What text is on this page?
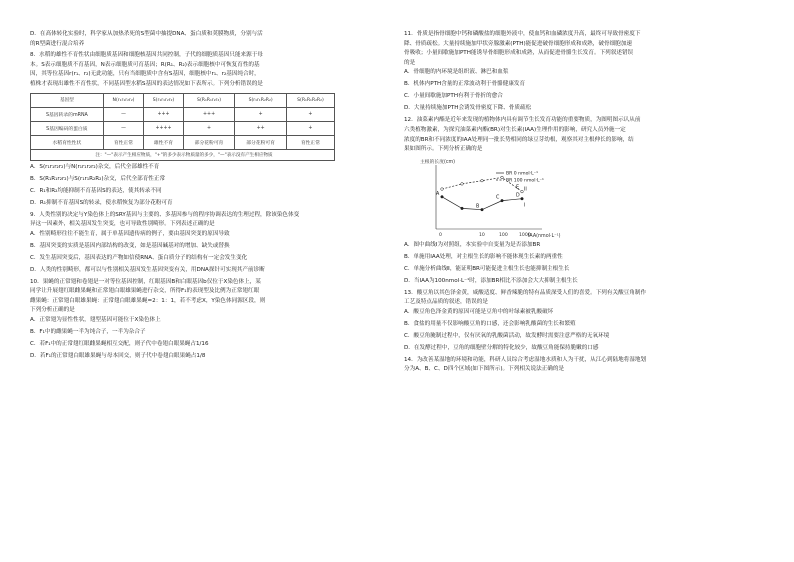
D．在高体转化实验时，科学家从加热杀死的S型菌中抽提DNA、蛋白质和荚膜物质，分别与活

的R型菌进行混合培养

8．水稻的雄性不育性状由细胞质基因和细胞核基因共同控制，子代的细胞质基因只能来源于母

本。S表示细胞质不育基因，N表示细胞质可育基因；R(R₁、R₂)表示细胞核中可恢复育性的基

因，其等位基因r(r₁、r₂)无此功能，只有当细胞质中含有S基因，细胞核中r₁、r₂基因纯合时，

植株才表现出雄性不育性状，不同基因型水稻S基因的表达情况如下表所示。下列分析错误的是

基因型	N(r₁r₁r₂r₂)	S(r₁r₁r₂r₂)	S(R₁R₁r₂r₂)	S(r₁r₁R₂R₂)	S(R₁R₁R₂R₂)
S基因转录的mRNA	—	+++	+++	+	+
S基因编码的蛋白质	—	++++	+	++	+
水稻育性性状	育性正常	雄性不育	部分花粉可育	部分花粉可育	育性正常
注："—"表示产生相应物质，"+"的多少表示物质量的多少，"—"表示没有产生相应物质					

A．S(r₁r₁r₂r₂)与N(r₁r₁r₂r₂)杂交，后代全部雄性不育

B．S(R₁R₁r₂r₂)与S(r₁r₁R₂R₂)杂交，后代全部育性正常

C．R₁和R₂均能抑制不育基因S的表达，使其转录不同

D．R₁抑制不育基因S的转录，使水稻恢复为部分花粉可育

9．人类性别的决定与Y染色体上的SRY基因与主要的、多基因参与的程序协调表达的生理过程，除该染色体变

异这一因素外，相关基因发生突变，也可导致性别畸形。下列表述正确的是

A．性别畸形往往不能生育，属于单基因遗传病的例子，要由基因突变的原因导致

B．基因突变的实质是基因内部结构的改变，如是基因碱基对的增加、缺失或替换

C．发生基因突变后，基因表达的产物如信使RNA、蛋白质分子的结构有一定会发生变化

D．人类的性别畸形，都可以与性别相关基因发生基因突变有关，用DNA探针可实现其产前诊断

10．果蝇的正常翅和卷翅是一对等位基因控制，红眼基因B和白眼基因b仅位于X染色体上，某

同学让升展翅红眼雌果蝇和正常翅白眼雄果蝇进行杂交，所得F₁的表现型及比例为正常翅红眼

雌果蝇：正常翅白眼雄果蝇：正常翅白眼雄果蝇=2：1：1，若不考虑X，Y染色体同源区段，则

下列分析正确的是

A．正常翅为显性性状，翅型基因可能位于X染色体上

B．F₁中的雌果蝇一半为纯合子，一半为杂合子

C．若F₁中的正常翅红眼雌果蝇相互交配，则子代中卷翅白眼果蝇占1/16

D．若F₁的正常翅白眼雄果蝇与母本回交，则子代中卷翅白眼果蝇占1/8

11．骨质是指骨细胞中钙和磷酸盐的细胞外液中，使血钙和血磷浓度升高，最终可导致骨密度下

降、骨质疏松。大量持续施加甲状旁腺激素(PTH)能促进破骨细胞形成和成熟，破骨细胞加速

骨吸收；小量间歇施加PTH能诱导骨细胞形成和成熟，从而促进骨骼生长发育。下列叙述错误

的是

A．骨细胞的内环境是组织液、淋巴和血浆

B．机体内PTH含量的正常波动利于骨骼健康发育

C．小量间歇施加PTH有利于骨折的愈合

D．大量持续施加PTH会诱发骨密度下降、骨质疏松

12．油菜素内酯是近年来发现的植物体内具有调节生长发育功能的重要物质，为图明图示认从前

六类植物激素，为探究油菜素内酯(BR)对生长素(IAA)生理作用的影响，研究人员外施一定

浓度的BR和不同浓度的IAA处理同一批长势相同的绿豆芽幼根，观察其对主根伸长的影响，结

果如图所示。下列分析正确的是

主根的长度(cm)
IAA(nmol·L⁻¹)
0	10	100 1000
A
B
C	D
BR 0 nmol·L⁻¹
E
BR 100 nmol·L⁻¹
I
II

A．图中曲线Ⅰ为对照组，本实验中自变量为是否添加BR

B．单施用IAA处理，对主根生长的影响不能体现生长素的两重性

C．单施分析曲线Ⅱ，能证明BR可能促进主根生长也能抑制主根生长

D．当IAA为100nmol·L⁻¹时，添加BR相比不添加会大大抑制主根生长

13．酸豆角以其色泽金黄，咸酸适度、鲜香辣脆的特有品质深受人们的喜爱。下列有关酸豆角制作

工艺及特点品质的叙述，错误的是

A．酸豆角色泽金黄的原因可能是豆角中的叶绿素被乳酸破坏

B．食盐的用量不仅影响酸豆角的口感，还会影响乳酸菌的生长和繁殖

C．酸豆角腌制过程中，仅有厌氧的乳酸菌活动，故发酵时需要注意严格的无氧环境

D．在发酵过程中，豆角的细胞壁分解的特化较少，故酸豆角能保持脆嫩的口感

14．为改善某湿地的环境和功能，科研人员综合考虑湿地水质和人为干扰，从江心到陆地将湿地划

分为A、B、C、D四个区域(如下图所示)。下列相关说法正确的是
